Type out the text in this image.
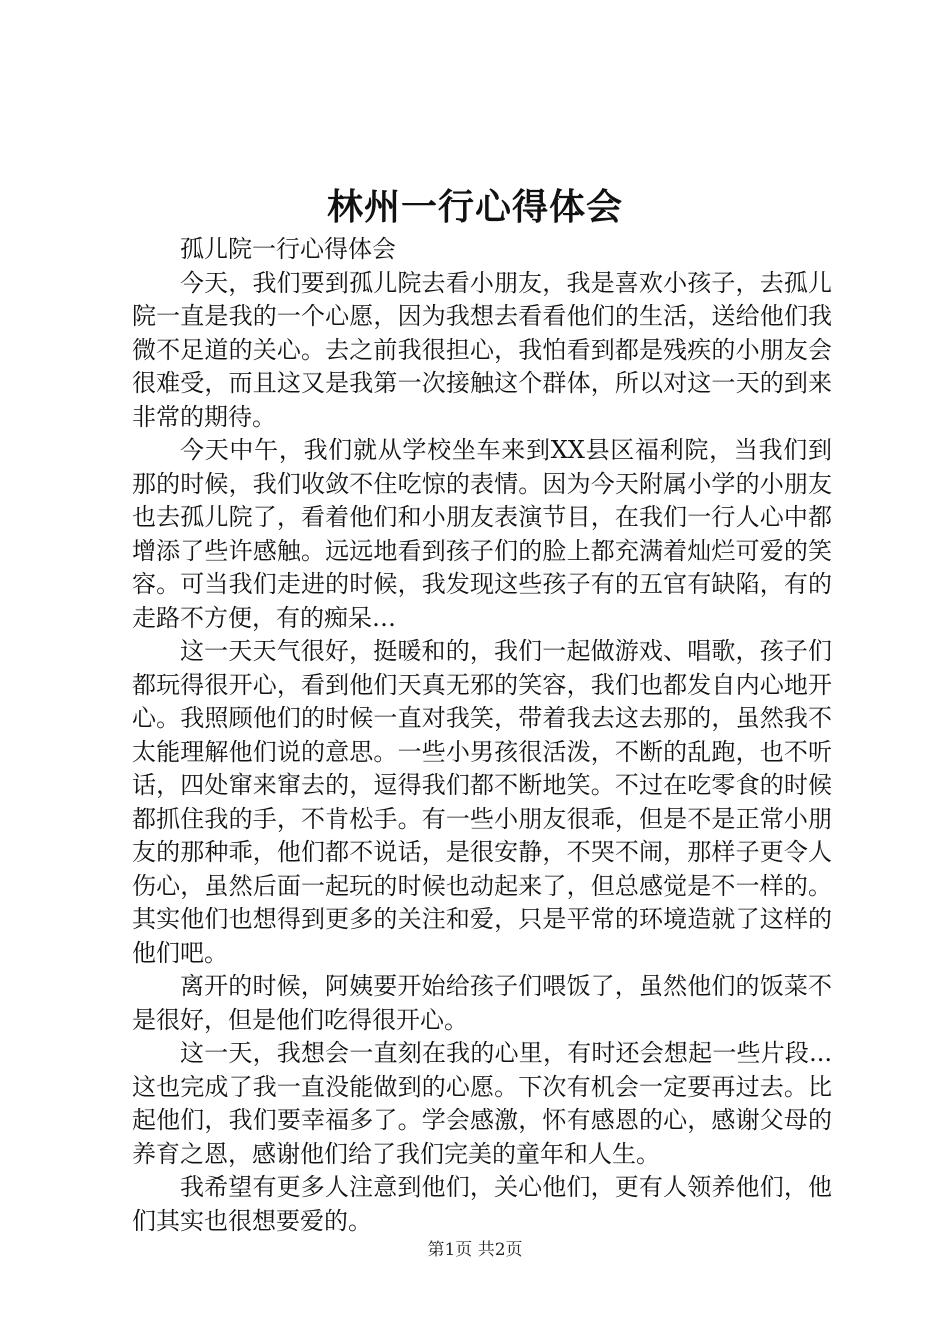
林州一行心得体会

孤儿院一行心得体会

今天，我们要到孤儿院去看小朋友，我是喜欢小孩子，去孤儿院一直是我的一个心愿，因为我想去看看他们的生活，送给他们我微不足道的关心。去之前我很担心，我怕看到都是残疾的小朋友会很难受，而且这又是我第一次接触这个群体，所以对这一天的到来非常的期待。

今天中午，我们就从学校坐车来到XX县区福利院，当我们到那的时候，我们收敛不住吃惊的表情。因为今天附属小学的小朋友也去孤儿院了，看着他们和小朋友表演节目，在我们一行人心中都增添了些许感触。远远地看到孩子们的脸上都充满着灿烂可爱的笑容。可当我们走进的时候，我发现这些孩子有的五官有缺陷，有的走路不方便，有的痴呆…

这一天天气很好，挺暖和的，我们一起做游戏、唱歌，孩子们都玩得很开心，看到他们天真无邪的笑容，我们也都发自内心地开心。我照顾他们的时候一直对我笑，带着我去这去那的，虽然我不太能理解他们说的意思。一些小男孩很活泼，不断的乱跑，也不听话，四处窜来窜去的，逗得我们都不断地笑。不过在吃零食的时候都抓住我的手，不肯松手。有一些小朋友很乖，但是不是正常小朋友的那种乖，他们都不说话，是很安静，不哭不闹，那样子更令人伤心，虽然后面一起玩的时候也动起来了，但总感觉是不一样的。其实他们也想得到更多的关注和爱，只是平常的环境造就了这样的他们吧。

离开的时候，阿姨要开始给孩子们喂饭了，虽然他们的饭菜不是很好，但是他们吃得很开心。

这一天，我想会一直刻在我的心里，有时还会想起一些片段...这也完成了我一直没能做到的心愿。下次有机会一定要再过去。比起他们，我们要幸福多了。学会感激，怀有感恩的心，感谢父母的养育之恩，感谢他们给了我们完美的童年和人生。

我希望有更多人注意到他们，关心他们，更有人领养他们，他们其实也很想要爱的。

第1页 共2页
